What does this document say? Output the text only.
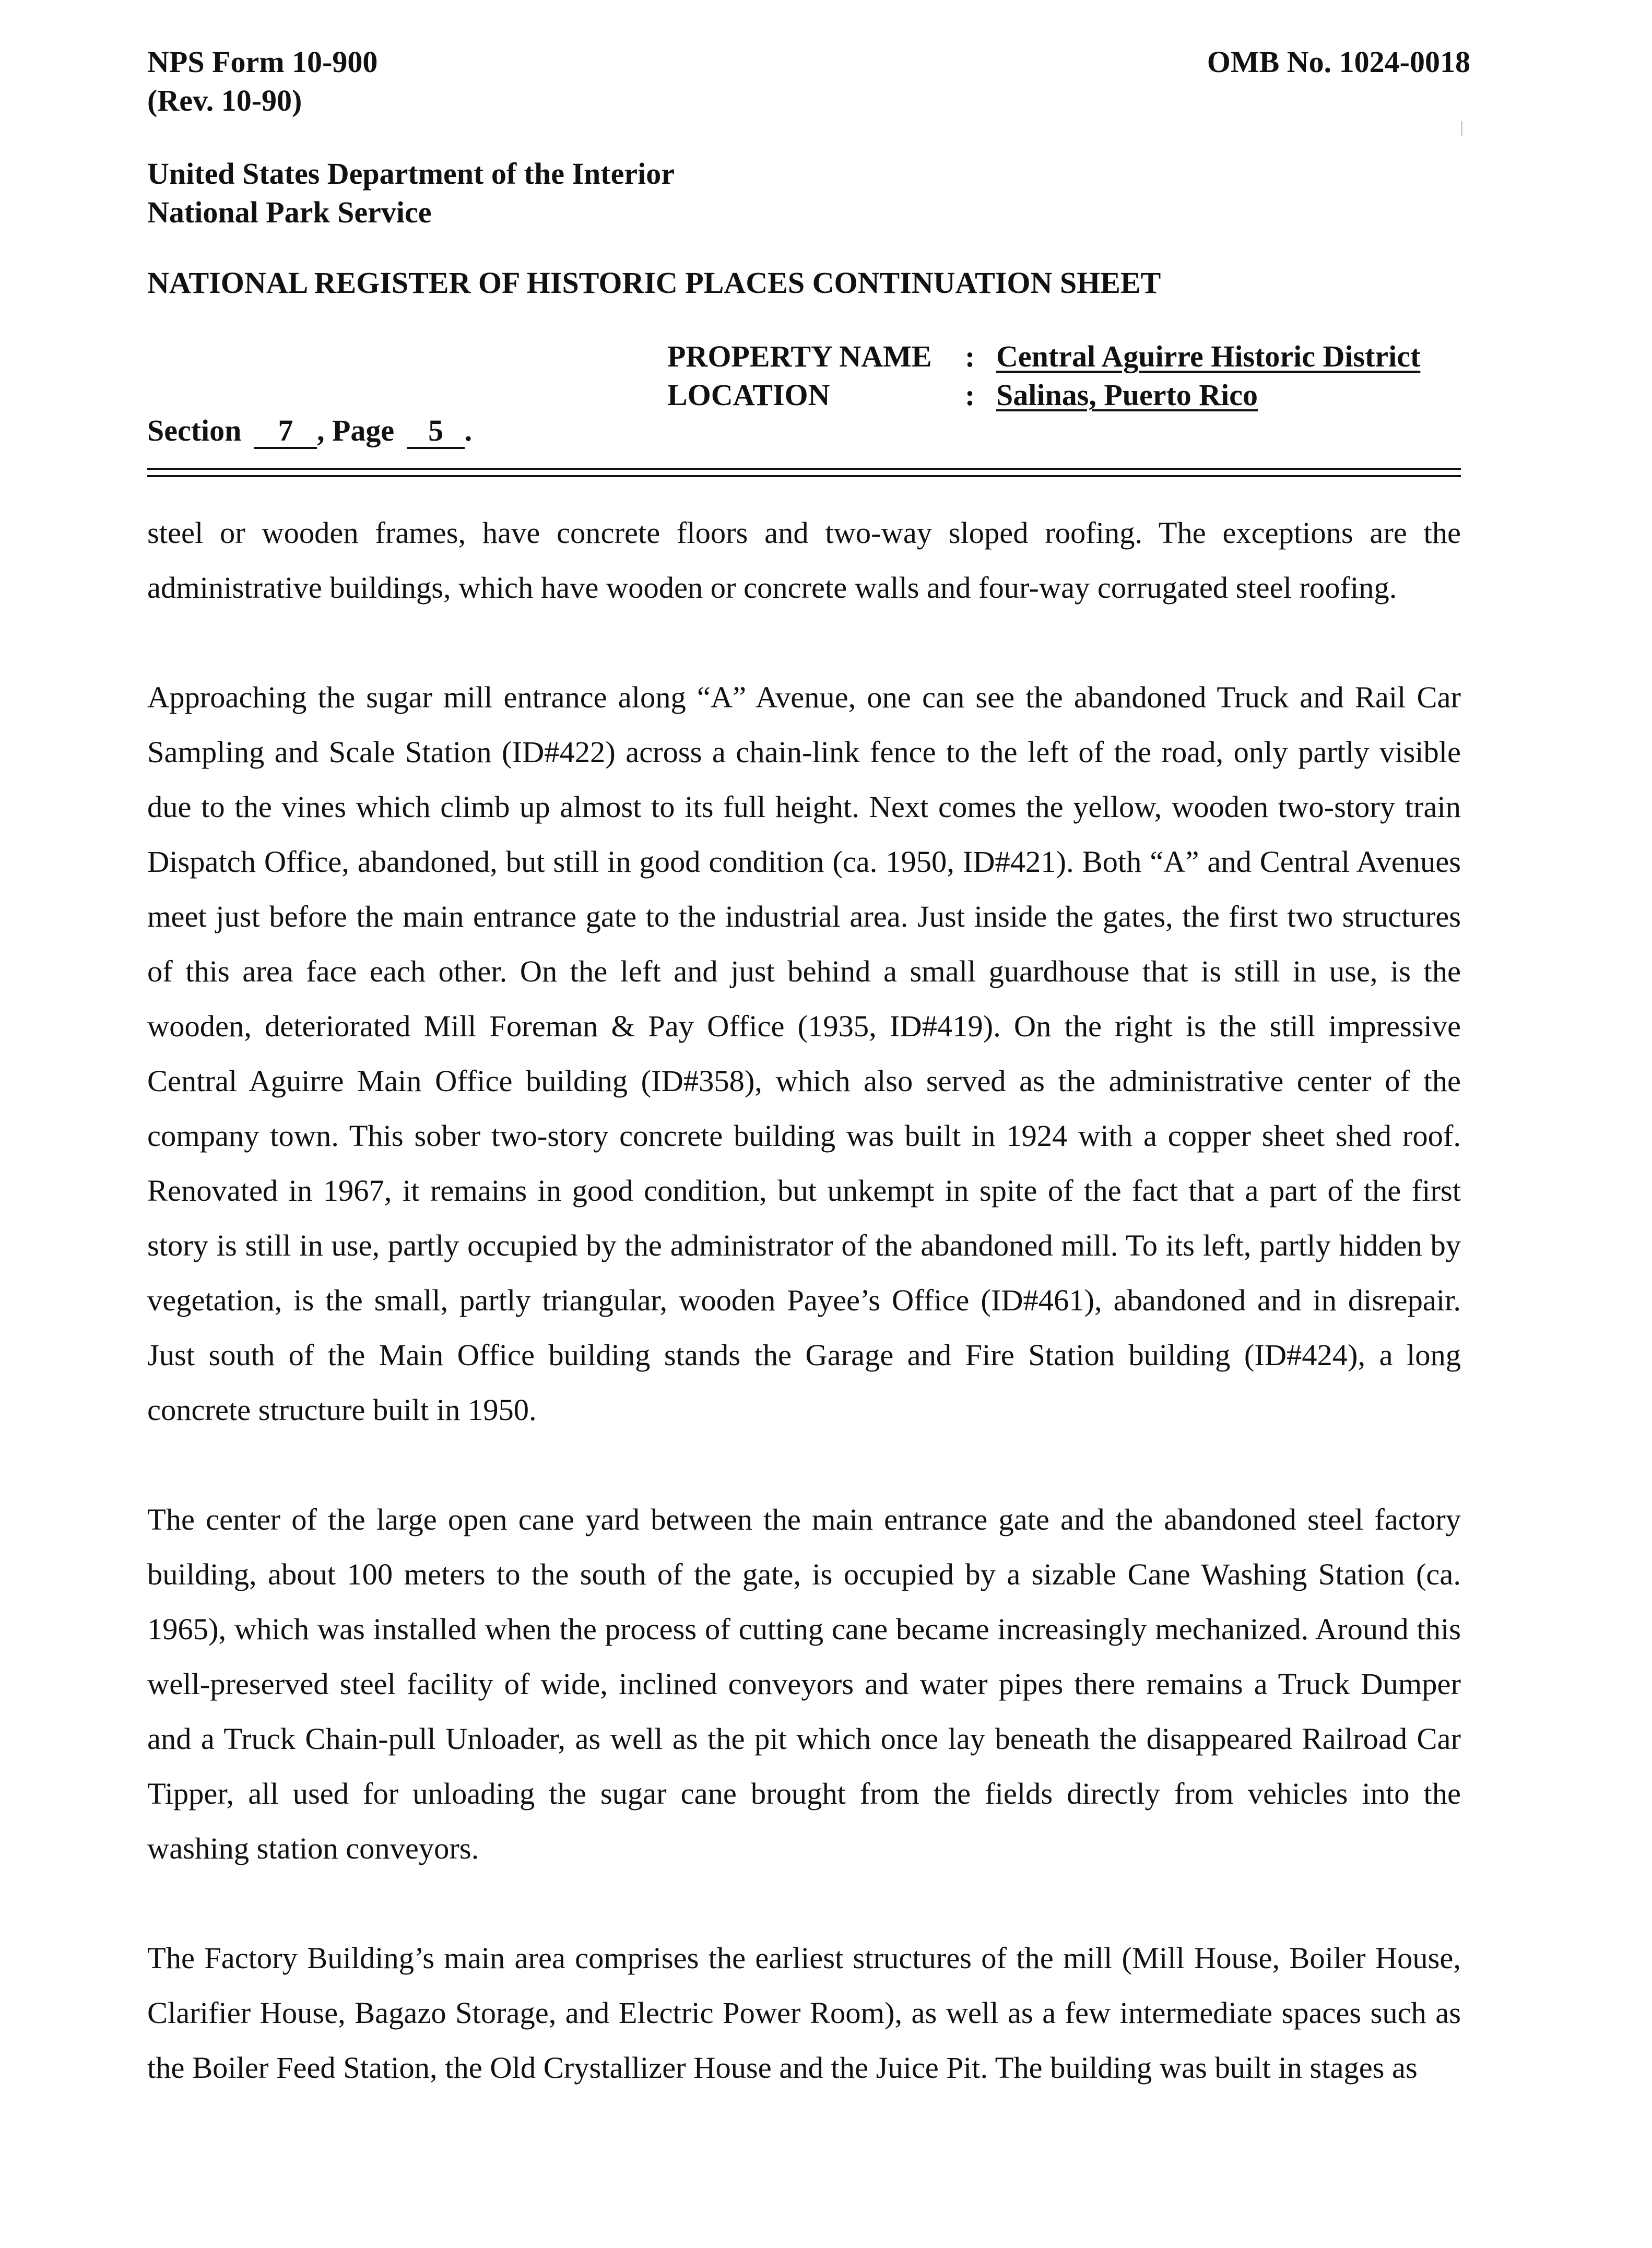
NPS Form 10-900
(Rev. 10-90)
OMB No. 1024-0018
United States Department of the Interior
National Park Service
NATIONAL REGISTER OF HISTORIC PLACES CONTINUATION SHEET
PROPERTY NAME	: Central Aguirre Historic District
LOCATION	: Salinas, Puerto Rico
Section 7 , Page 5 .

steel or wooden frames, have concrete floors and two-way sloped roofing. The exceptions are the administrative buildings, which have wooden or concrete walls and four-way corrugated steel roofing.

Approaching the sugar mill entrance along “A” Avenue, one can see the abandoned Truck and Rail Car Sampling and Scale Station (ID#422) across a chain-link fence to the left of the road, only partly visible due to the vines which climb up almost to its full height. Next comes the yellow, wooden two-story train Dispatch Office, abandoned, but still in good condition (ca. 1950, ID#421). Both “A” and Central Avenues meet just before the main entrance gate to the industrial area. Just inside the gates, the first two structures of this area face each other. On the left and just behind a small guardhouse that is still in use, is the wooden, deteriorated Mill Foreman & Pay Office (1935, ID#419). On the right is the still impressive Central Aguirre Main Office building (ID#358), which also served as the administrative center of the company town. This sober two-story concrete building was built in 1924 with a copper sheet shed roof. Renovated in 1967, it remains in good condition, but unkempt in spite of the fact that a part of the first story is still in use, partly occupied by the administrator of the abandoned mill. To its left, partly hidden by vegetation, is the small, partly triangular, wooden Payee’s Office (ID#461), abandoned and in disrepair. Just south of the Main Office building stands the Garage and Fire Station building (ID#424), a long concrete structure built in 1950.

The center of the large open cane yard between the main entrance gate and the abandoned steel factory building, about 100 meters to the south of the gate, is occupied by a sizable Cane Washing Station (ca. 1965), which was installed when the process of cutting cane became increasingly mechanized. Around this well-preserved steel facility of wide, inclined conveyors and water pipes there remains a Truck Dumper and a Truck Chain-pull Unloader, as well as the pit which once lay beneath the disappeared Railroad Car Tipper, all used for unloading the sugar cane brought from the fields directly from vehicles into the washing station conveyors.

The Factory Building’s main area comprises the earliest structures of the mill (Mill House, Boiler House, Clarifier House, Bagazo Storage, and Electric Power Room), as well as a few intermediate spaces such as the Boiler Feed Station, the Old Crystallizer House and the Juice Pit. The building was built in stages as
